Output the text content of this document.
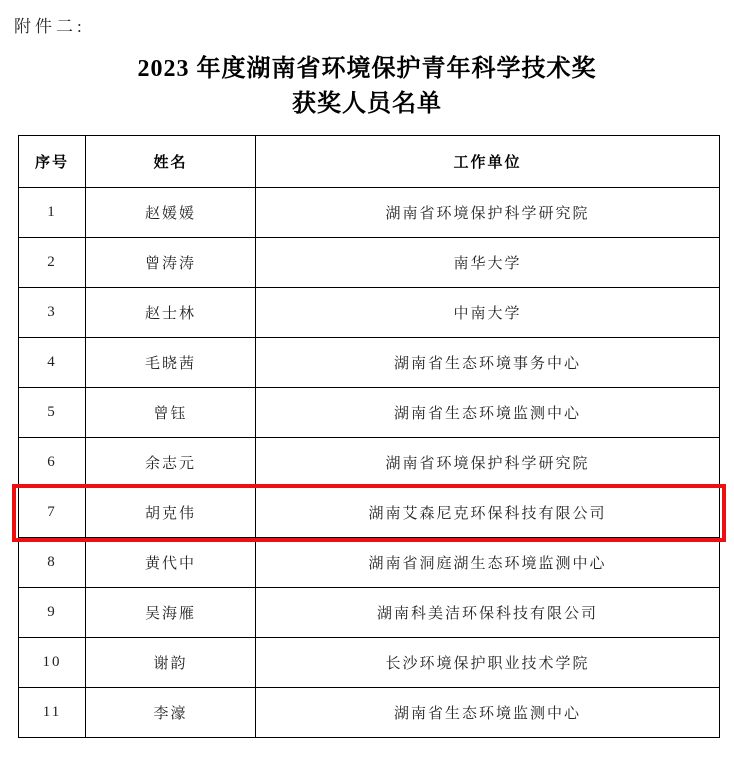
附件二:
2023 年度湖南省环境保护青年科学技术奖
获奖人员名单
序号	姓名	工作单位
1	赵媛媛	湖南省环境保护科学研究院
2	曾涛涛	南华大学
3	赵士林	中南大学
4	毛晓茜	湖南省生态环境事务中心
5	曾钰	湖南省生态环境监测中心
6	余志元	湖南省环境保护科学研究院
7	胡克伟	湖南艾森尼克环保科技有限公司
8	黄代中	湖南省洞庭湖生态环境监测中心
9	吴海雁	湖南科美洁环保科技有限公司
10	谢韵	长沙环境保护职业技术学院
11	李濠	湖南省生态环境监测中心
